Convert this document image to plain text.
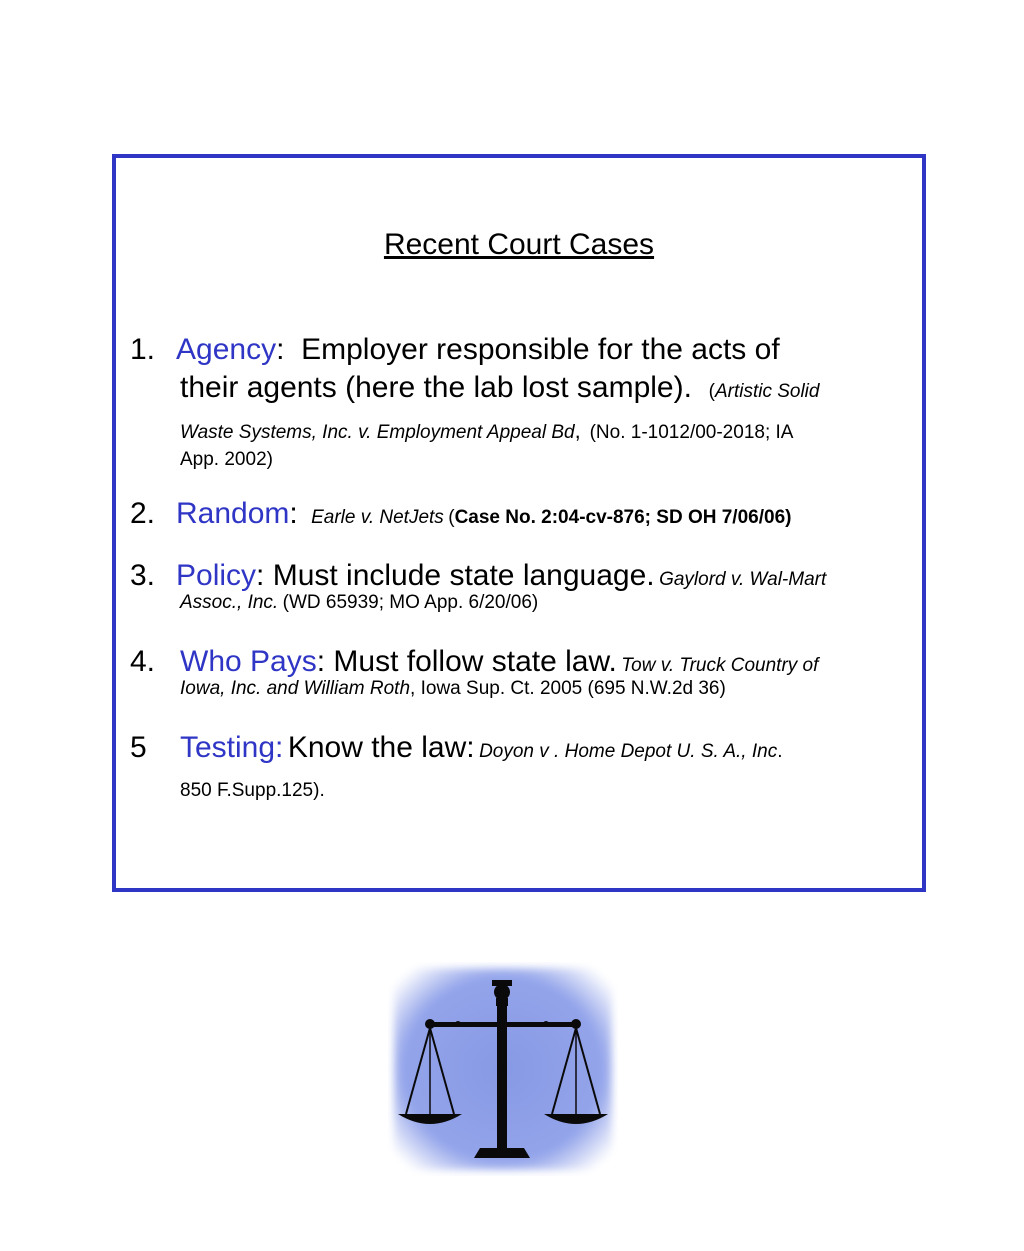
Recent Court Cases
1. Agency: Employer responsible for the acts of
their agents (here the lab lost sample). (Artistic Solid
Waste Systems, Inc. v. Employment Appeal Bd, (No. 1-1012/00-2018; IA
App. 2002)
2. Random: Earle v. NetJets (Case No. 2:04-cv-876; SD OH 7/06/06)
3. Policy: Must include state language. Gaylord v. Wal-Mart
Assoc., Inc. (WD 65939; MO App. 6/20/06)
4. Who Pays: Must follow state law. Tow v. Truck Country of
Iowa, Inc. and William Roth, Iowa Sup. Ct. 2005 (695 N.W.2d 36)
5 Testing: Know the law: Doyon v . Home Depot U. S. A., Inc.
850 F.Supp.125).
